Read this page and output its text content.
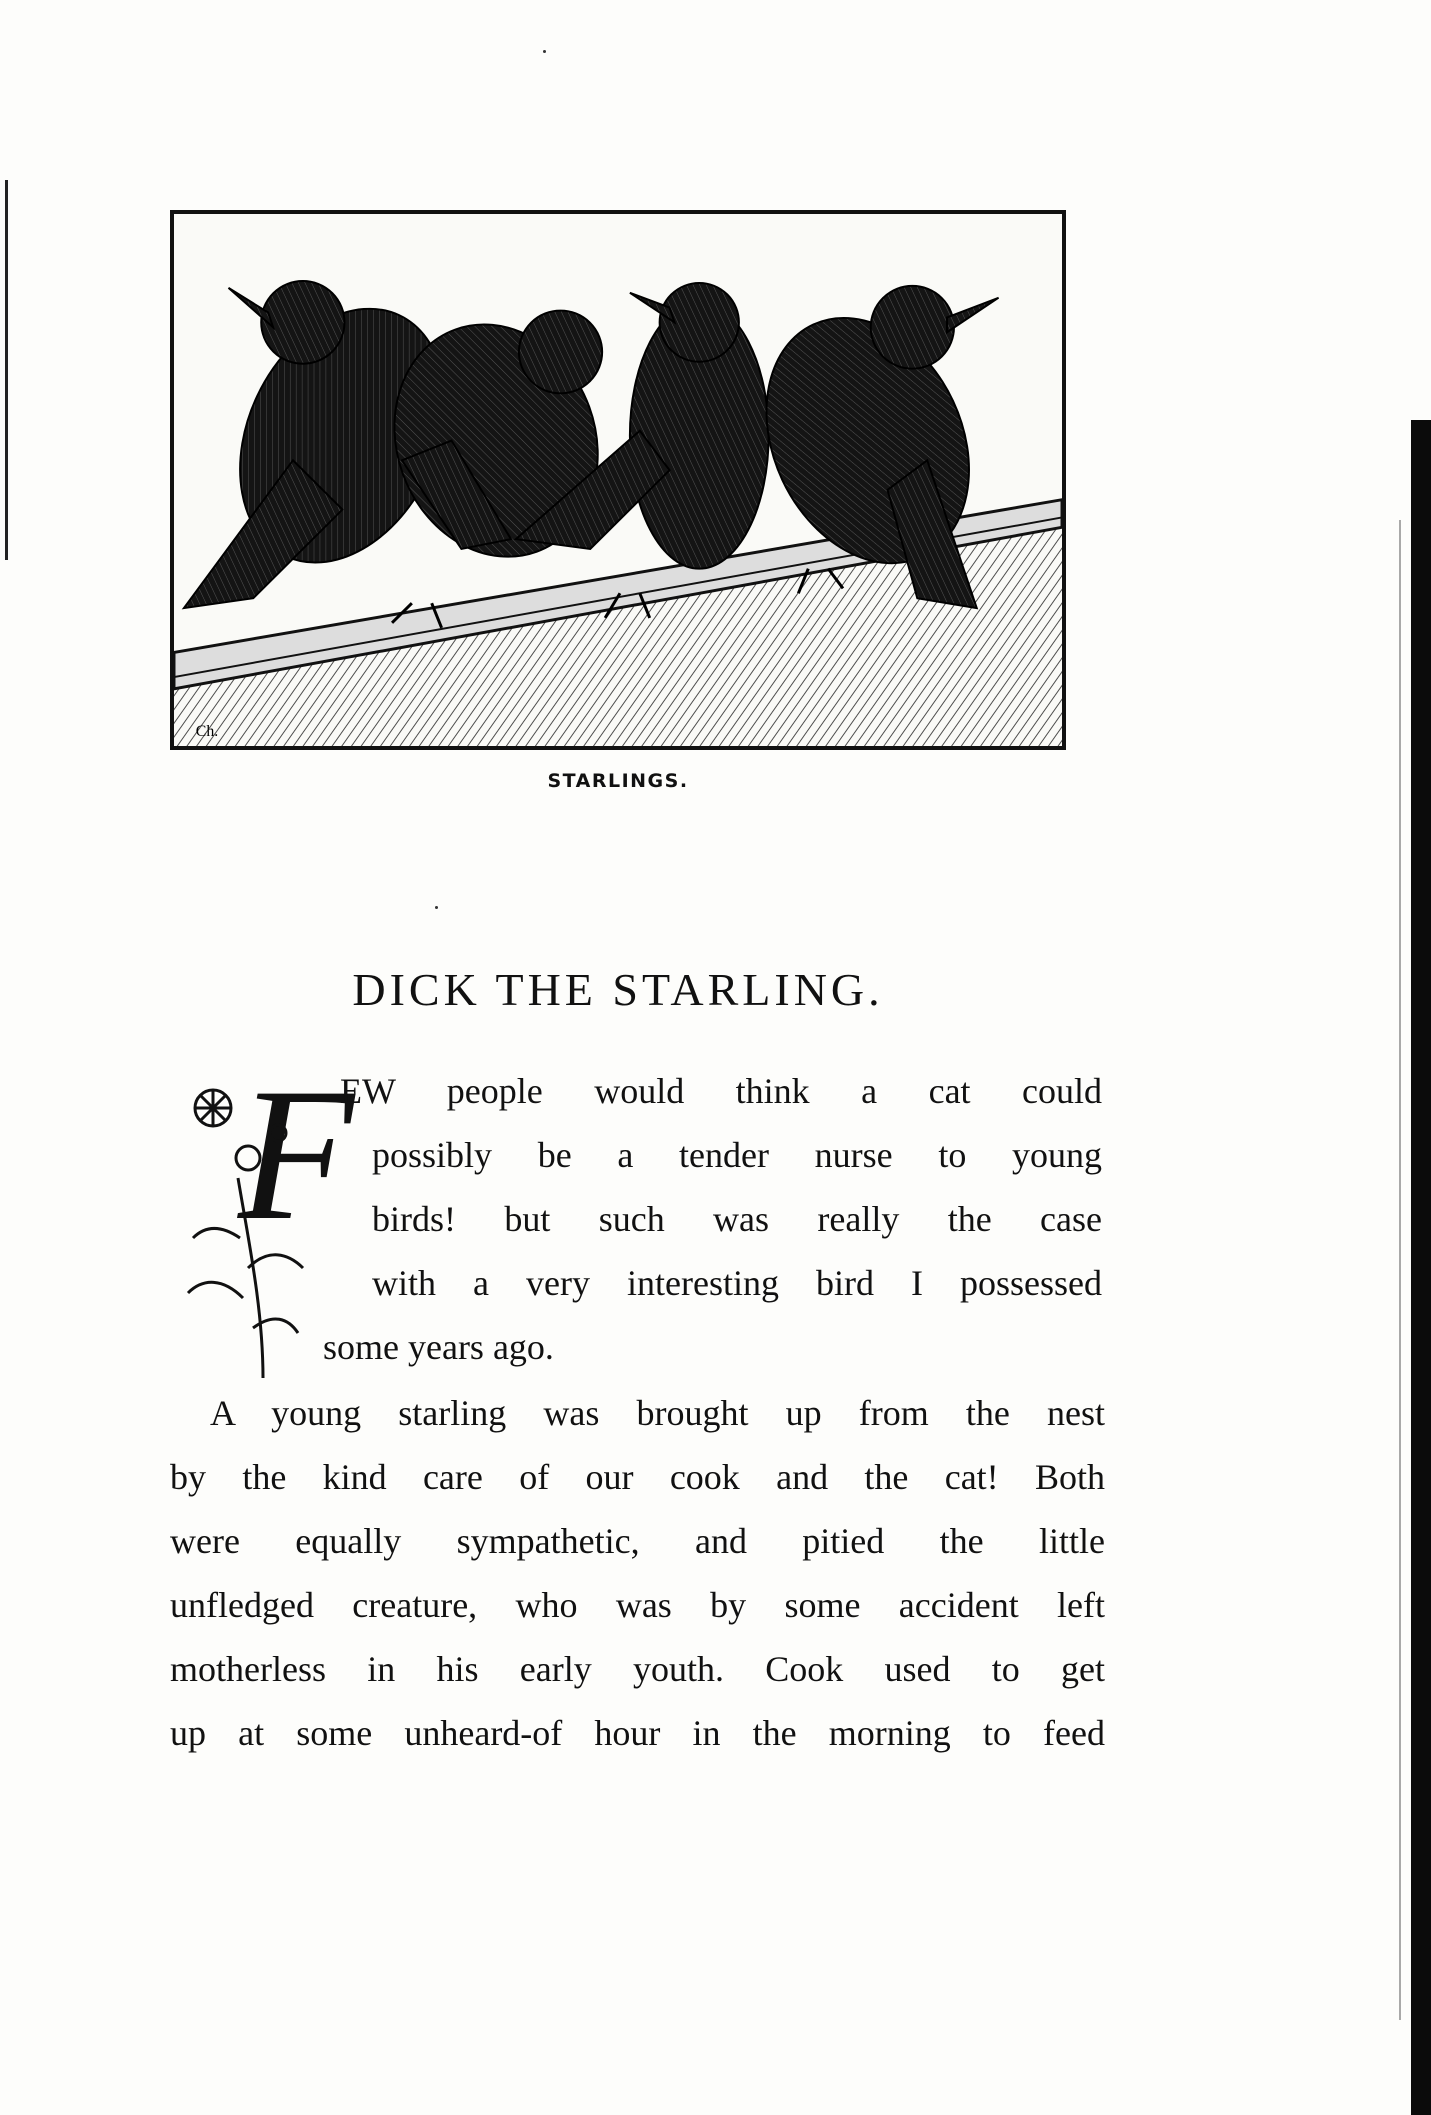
Ch.
STARLINGS.
DICK THE STARLING.
F
EW people would think a cat could
possibly be a tender nurse to young
birds! but such was really the case
with a very interesting bird I possessed
some years ago.
A young starling was brought up from the nest
by the kind care of our cook and the cat! Both
were equally sympathetic, and pitied the little
unfledged creature, who was by some accident left
motherless in his early youth. Cook used to get
up at some unheard-of hour in the morning to feed
